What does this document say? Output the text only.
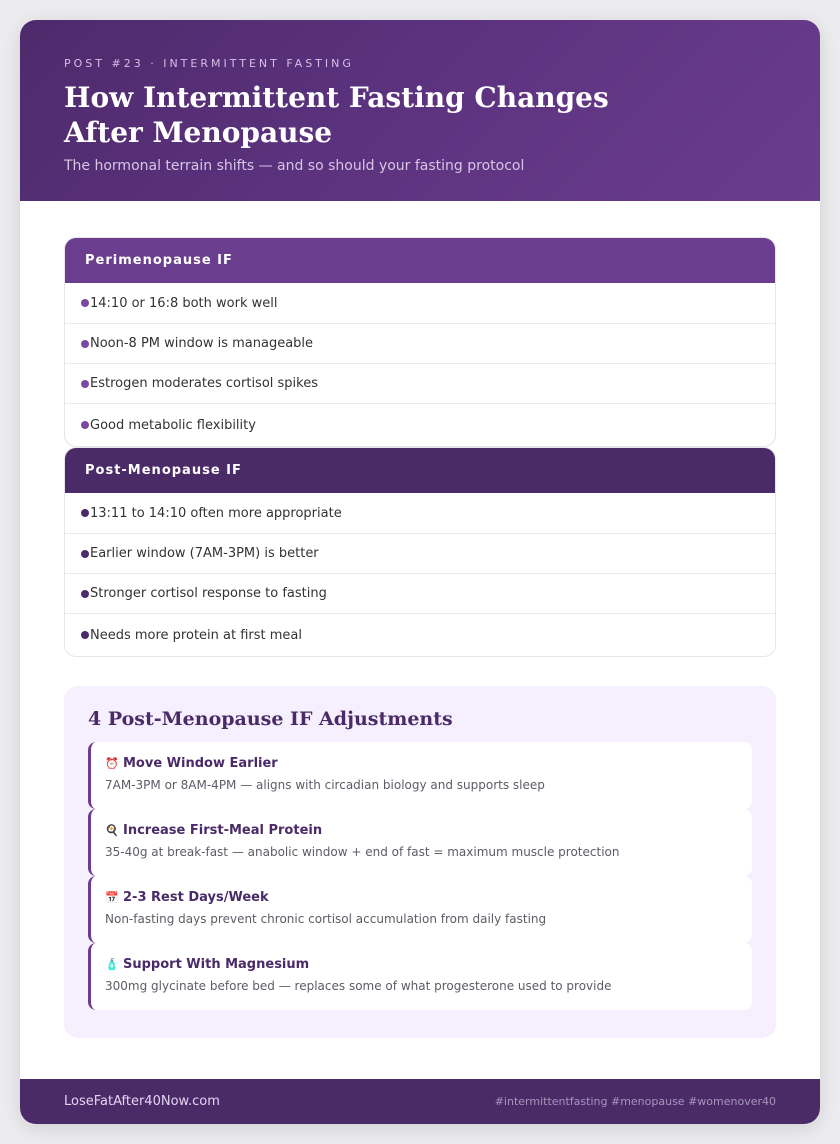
POST #23 · INTERMITTENT FASTING
How Intermittent Fasting Changes After Menopause
The hormonal terrain shifts — and so should your fasting protocol
Perimenopause IF
14:10 or 16:8 both work well
Noon-8 PM window is manageable
Estrogen moderates cortisol spikes
Good metabolic flexibility
Post-Menopause IF
13:11 to 14:10 often more appropriate
Earlier window (7AM-3PM) is better
Stronger cortisol response to fasting
Needs more protein at first meal
4 Post-Menopause IF Adjustments
⏰ Move Window Earlier
7AM-3PM or 8AM-4PM — aligns with circadian biology and supports sleep
🍳 Increase First-Meal Protein
35-40g at break-fast — anabolic window + end of fast = maximum muscle protection
📅 2-3 Rest Days/Week
Non-fasting days prevent chronic cortisol accumulation from daily fasting
🧴 Support With Magnesium
300mg glycinate before bed — replaces some of what progesterone used to provide
LoseFatAfter40Now.com	#intermittentfasting #menopause #womenover40
